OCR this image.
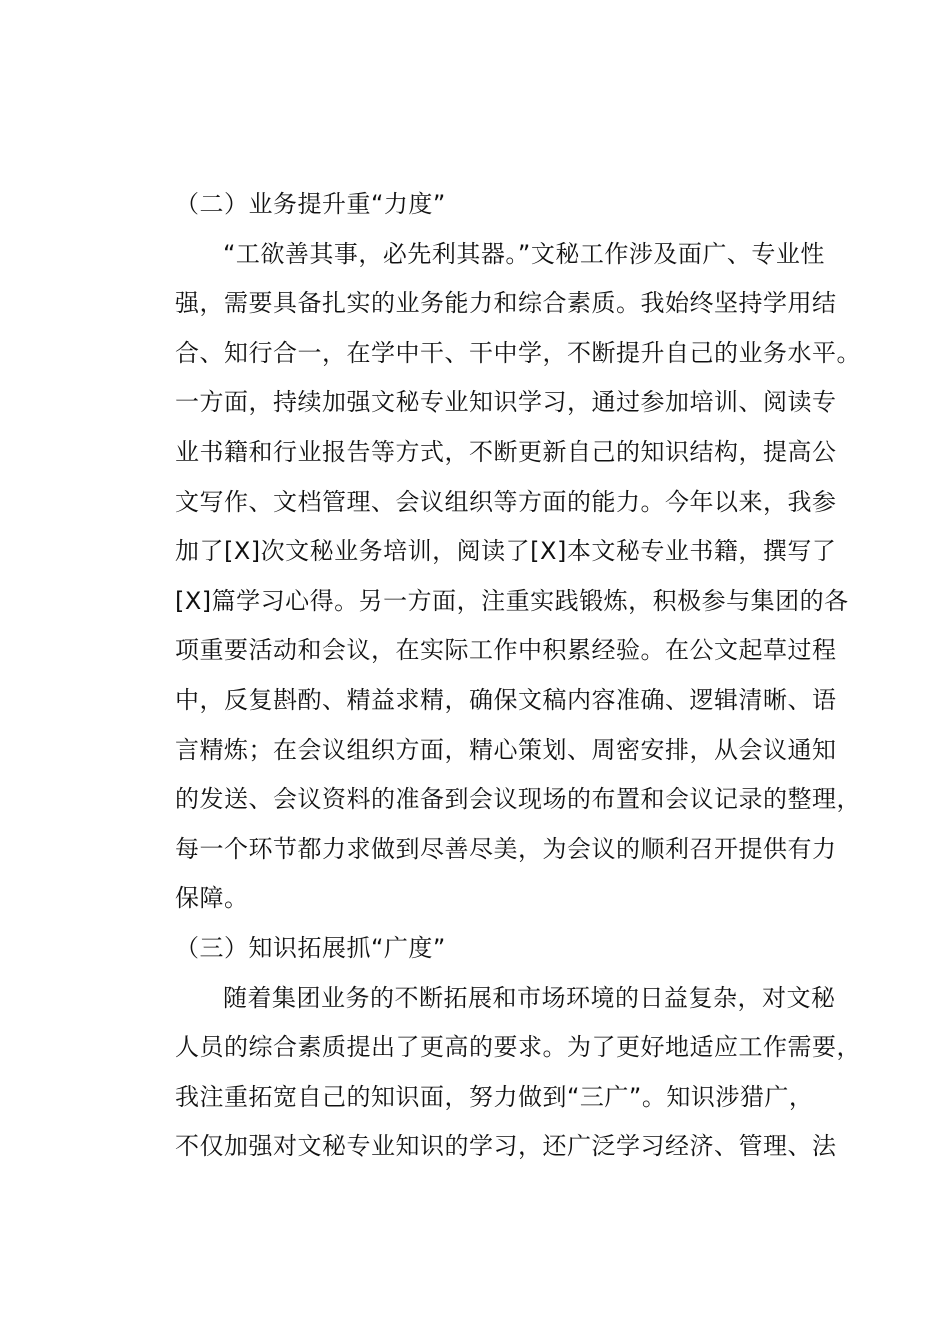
（二）业务提升重“力度”

“工欲善其事，必先利其器。”文秘工作涉及面广、专业性
强，需要具备扎实的业务能力和综合素质。我始终坚持学用结
合、知行合一，在学中干、干中学，不断提升自己的业务水平。
一方面，持续加强文秘专业知识学习，通过参加培训、阅读专
业书籍和行业报告等方式，不断更新自己的知识结构，提高公
文写作、文档管理、会议组织等方面的能力。今年以来，我参
加了[X]次文秘业务培训，阅读了[X]本文秘专业书籍，撰写了
[X]篇学习心得。另一方面，注重实践锻炼，积极参与集团的各
项重要活动和会议，在实际工作中积累经验。在公文起草过程
中，反复斟酌、精益求精，确保文稿内容准确、逻辑清晰、语
言精炼；在会议组织方面，精心策划、周密安排，从会议通知
的发送、会议资料的准备到会议现场的布置和会议记录的整理，
每一个环节都力求做到尽善尽美，为会议的顺利召开提供有力
保障。

（三）知识拓展抓“广度”

随着集团业务的不断拓展和市场环境的日益复杂，对文秘
人员的综合素质提出了更高的要求。为了更好地适应工作需要，
我注重拓宽自己的知识面，努力做到“三广”。知识涉猎广，
不仅加强对文秘专业知识的学习，还广泛学习经济、管理、法
